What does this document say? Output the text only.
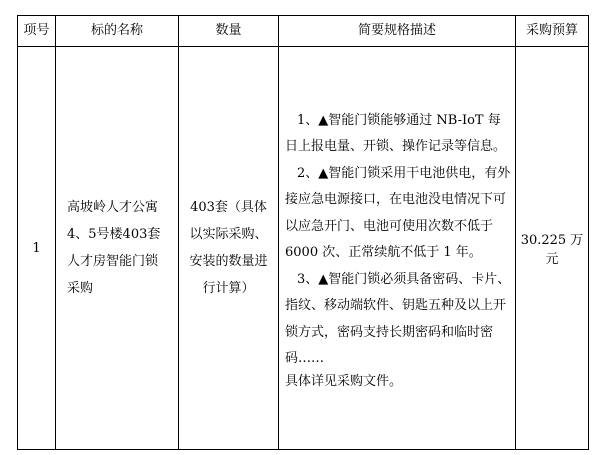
项号	标的名称	数量	简要规格描述	采购预算
1	高坡岭人才公寓4、5号楼403套人才房智能门锁采购	403套（具体以实际采购、安装的数量进行计算）	1、▲智能门锁能够通过 NB-IoT 每日上报电量、开锁、操作记录等信息。

2、▲智能门锁采用干电池供电，有外接应急电源接口，在电池没电情况下可以应急开门、电池可使用次数不低于 6000 次、正常续航不低于 1 年。

3、▲智能门锁必须具备密码、卡片、指纹、移动端软件、钥匙五种及以上开锁方式，密码支持长期密码和临时密码……

具体详见采购文件。	30.225 万元
